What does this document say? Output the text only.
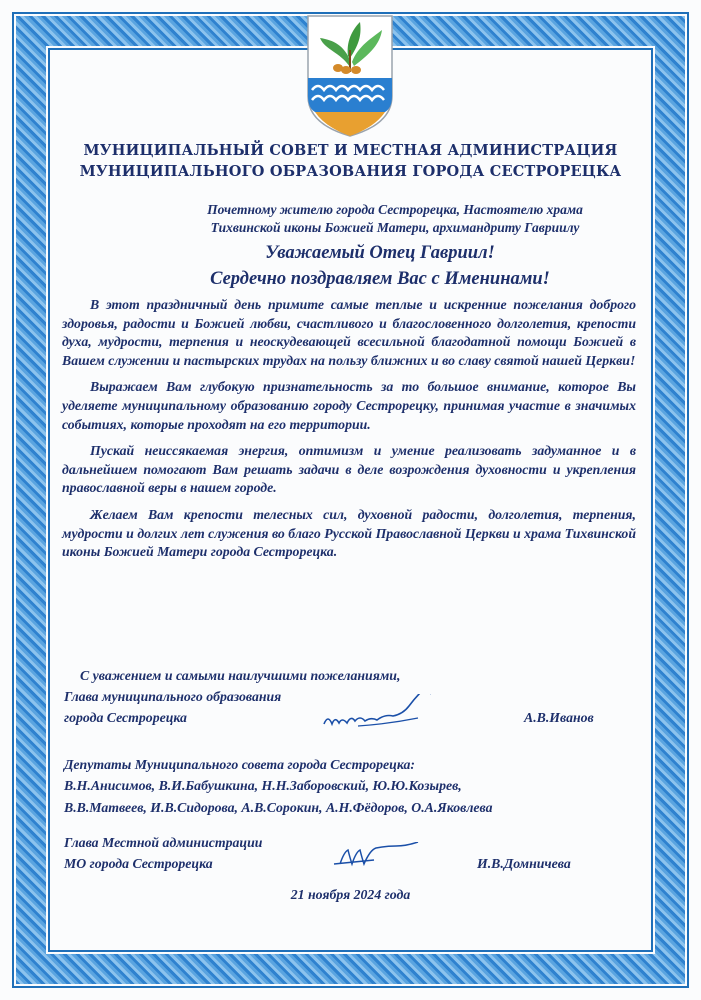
МУНИЦИПАЛЬНЫЙ СОВЕТ И МЕСТНАЯ АДМИНИСТРАЦИЯ
МУНИЦИПАЛЬНОГО ОБРАЗОВАНИЯ ГОРОДА СЕСТРОРЕЦКА
Почетному жителю города Сестрорецка, Настоятелю храма
Тихвинской иконы Божией Матери, архимандриту Гавриилу
Уважаемый Отец Гавриил!
Сердечно поздравляем Вас с Именинами!

В этот праздничный день примите самые теплые и искренние пожелания доброго здоровья, радости и Божией любви, счастливого и благословенного долголетия, крепости духа, мудрости, терпения и неоскудевающей всесильной благодатной помощи Божией в Вашем служении и пастырских трудах на пользу ближних и во славу святой нашей Церкви!

Выражаем Вам глубокую признательность за то большое внимание, которое Вы уделяете муниципальному образованию городу Сестрорецку, принимая участие в значимых событиях, которые проходят на его территории.

Пускай неиссякаемая энергия, оптимизм и умение реализовать задуманное и в дальнейшем помогают Вам решать задачи в деле возрождения духовности и укрепления православной веры в нашем городе.

Желаем Вам крепости телесных сил, духовной радости, долголетия, терпения, мудрости и долгих лет служения во благо Русской Православной Церкви и храма Тихвинской иконы Божией Матери города Сестрорецка.

С уважением и самыми наилучшими пожеланиями,
Глава муниципального образования
города Сестрорецка	А.В.Иванов
Депутаты Муниципального совета города Сестрорецка:
В.Н.Анисимов, В.И.Бабушкина, Н.Н.Заборовский, Ю.Ю.Козырев,
В.В.Матвеев, И.В.Сидорова, А.В.Сорокин, А.Н.Фёдоров, О.А.Яковлева
Глава Местной администрации
МО города Сестрорецка	И.В.Домничева
21 ноября 2024 года
